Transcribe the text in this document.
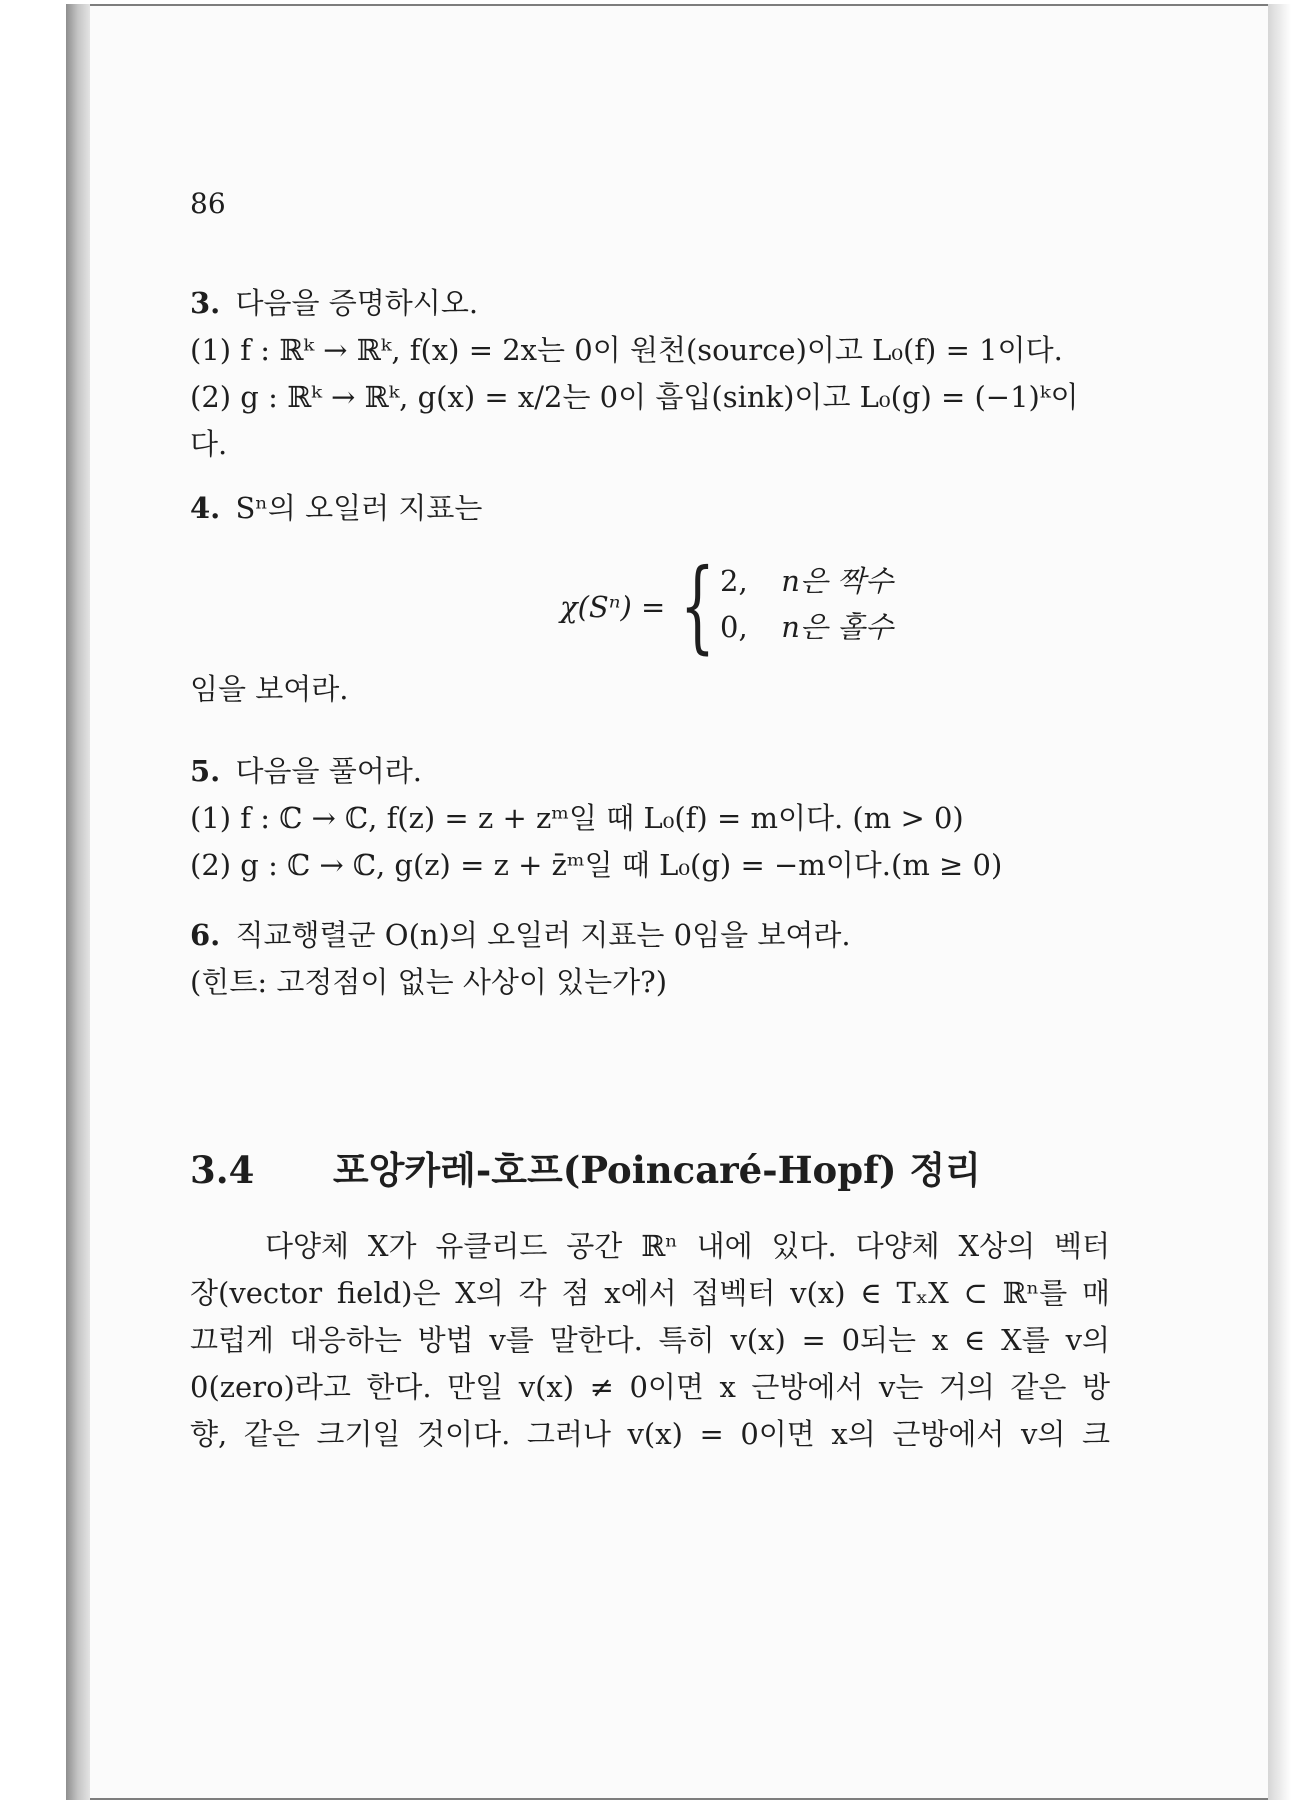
86
3. 다음을 증명하시오.
(1) f : ℝᵏ → ℝᵏ, f(x) = 2x는 0이 원천(source)이고 L₀(f) = 1이다.
(2) g : ℝᵏ → ℝᵏ, g(x) = x/2는 0이 흡입(sink)이고 L₀(g) = (−1)ᵏ이
다.
4. Sⁿ의 오일러 지표는
χ(Sⁿ) = { 2, n은 짝수
0, n은 홀수
임을 보여라.
5. 다음을 풀어라.
(1) f : ℂ → ℂ, f(z) = z + zᵐ일 때 L₀(f) = m이다. (m > 0)
(2) g : ℂ → ℂ, g(z) = z + z̄ᵐ일 때 L₀(g) = −m이다.(m ≥ 0)
6. 직교행렬군 O(n)의 오일러 지표는 0임을 보여라.
(힌트: 고정점이 없는 사상이 있는가?)
3.4 포앙카레-호프(Poincaré-Hopf) 정리
다양체 X가 유클리드 공간 ℝⁿ 내에 있다. 다양체 X상의 벡터
장(vector field)은 X의 각 점 x에서 접벡터 v(x) ∈ TₓX ⊂ ℝⁿ를 매
끄럽게 대응하는 방법 v를 말한다. 특히 v(x) = 0되는 x ∈ X를 v의
0(zero)라고 한다. 만일 v(x) ≠ 0이면 x 근방에서 v는 거의 같은 방
향, 같은 크기일 것이다. 그러나 v(x) = 0이면 x의 근방에서 v의 크
